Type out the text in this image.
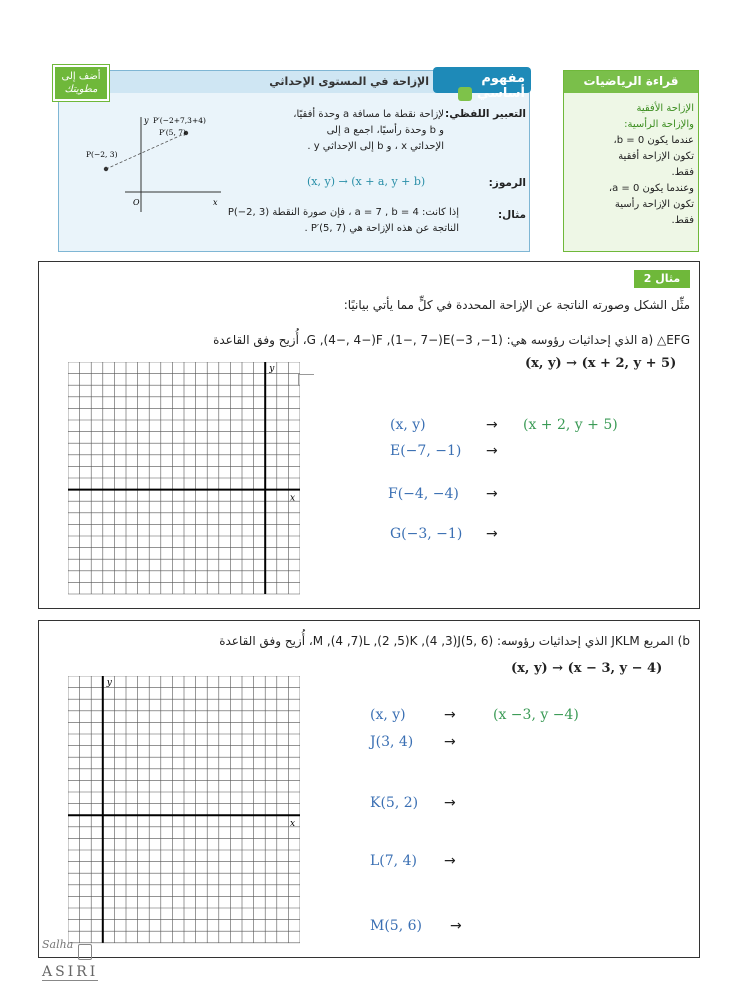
مفهوم أساسي
الإزاحة في المستوى الإحداثي
أضف إلى
مطويتك
y P′(−2+7,3+4)
P′(5, 7)
P(−2, 3)
O	x
التعبير اللفظي:
لإزاحة نقطة ما مسافة a وحدة أفقيًا،
و b وحدة رأسيًا، اجمع a إلى
الإحداثي x ، و b إلى الإحداثي y .
الرموز:
(x, y) → (x + a, y + b)
مثال:
إذا كانت: a = 7 , b = 4 ، فإن صورة النقطة (3 ,2−)P
الناتجة عن هذه الإزاحة هي (7 ,5)′P .
قراءة الرياضيات
الإزاحة الأفقية
والإزاحة الرأسية:
عندما يكون b = 0،
تكون الإزاحة أفقية
فقط.
وعندما يكون a = 0،
تكون الإزاحة رأسية
فقط.
مثال 2
مثِّل الشكل وصورته الناتجة عن الإزاحة المحددة في كلٍّ مما يأتي بيانيًا:
a) △EFG الذي إحداثيات رؤوسه هي: (1−, 3−)G ,(4−, 4−)F ,(1−, 7−)E، أُزيح وفق القاعدة
(x, y) → (x + 2, y + 5)
x
y
(x, y)	→ (x + 2, y + 5)
E(−7, −1) →
F(−4, −4) →
G(−3, −1) →
b) المربع JKLM الذي إحداثيات رؤوسه: (6 ,5)M ,(4 ,7)L ,(2 ,5)K ,(4 ,3)J، أُزيح وفق القاعدة
(x, y) → (x − 3, y − 4)
x
y
(x, y)	→	(x −3, y −4)
J(3, 4) →
K(5, 2) →
L(7, 4) →
M(5, 6) →
Salha
ASIRI
